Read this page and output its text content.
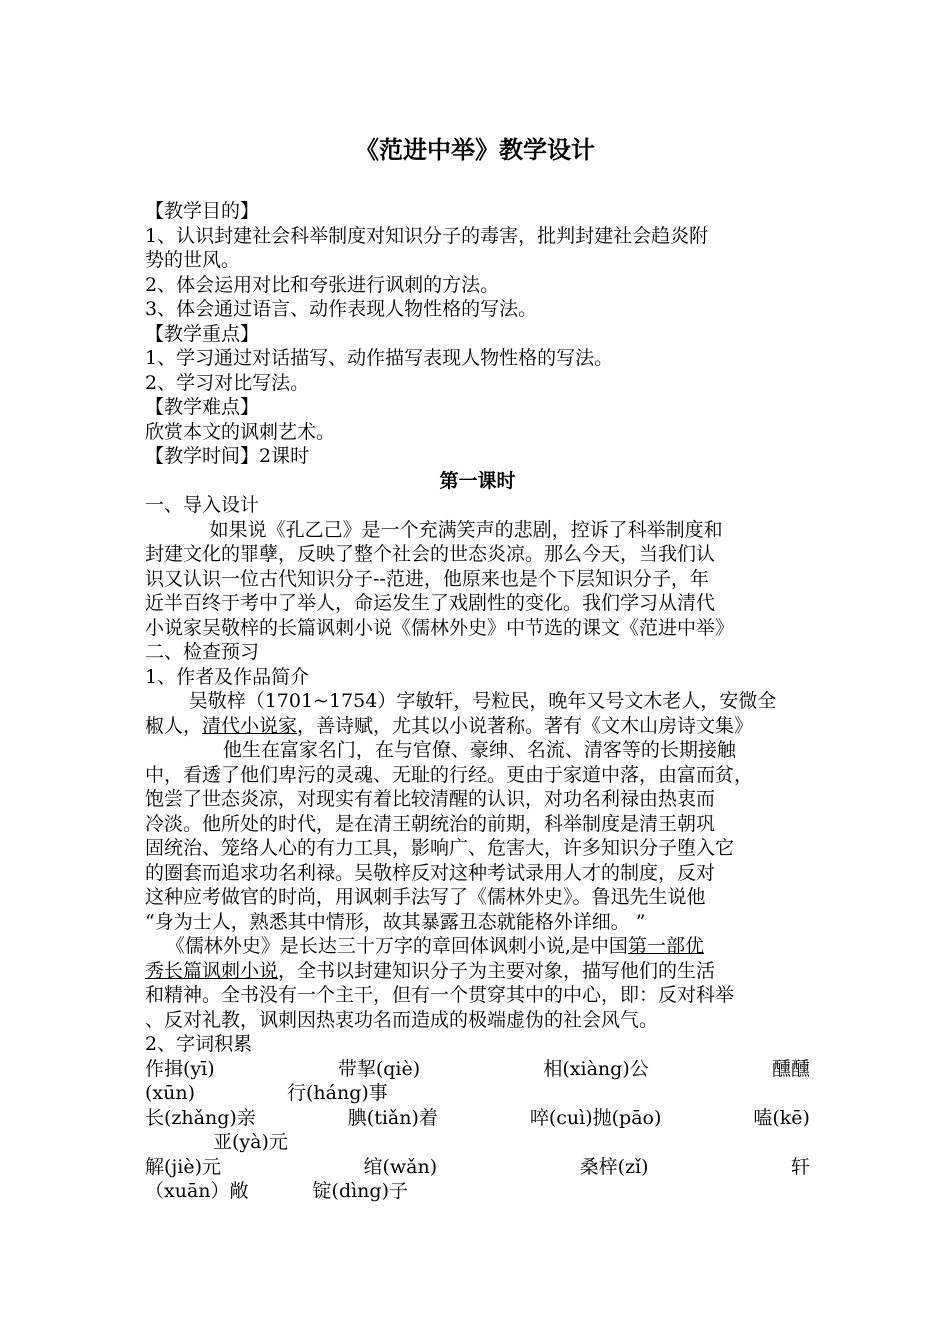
《范进中举》教学设计
【教学目的】
1、认识封建社会科举制度对知识分子的毒害，批判封建社会趋炎附
势的世风。
2、体会运用对比和夸张进行讽刺的方法。
3、体会通过语言、动作表现人物性格的写法。
【教学重点】
1、学习通过对话描写、动作描写表现人物性格的写法。
2、学习对比写法。
【教学难点】
欣赏本文的讽刺艺术。
【教学时间】2课时
第一课时
一、导入设计
如果说《孔乙己》是一个充满笑声的悲剧，控诉了科举制度和
封建文化的罪孽，反映了整个社会的世态炎凉。那么今天，当我们认
识又认识一位古代知识分子--范进，他原来也是个下层知识分子，年
近半百终于考中了举人，命运发生了戏剧性的变化。我们学习从清代
小说家吴敬梓的长篇讽刺小说《儒林外史》中节选的课文《范进中举》
二、检查预习
1、作者及作品简介
吴敬梓（1701~1754）字敏轩，号粒民，晚年又号文木老人，安微全
椒人，清代小说家，善诗赋，尤其以小说著称。著有《文木山房诗文集》
他生在富家名门，在与官僚、豪绅、名流、清客等的长期接触
中，看透了他们卑污的灵魂、无耻的行经。更由于家道中落，由富而贫，
饱尝了世态炎凉，对现实有着比较清醒的认识，对功名利禄由热衷而
冷淡。他所处的时代，是在清王朝统治的前期，科举制度是清王朝巩
固统治、笼络人心的有力工具，影响广、危害大，许多知识分子堕入它
的圈套而追求功名利禄。吴敬梓反对这种考试录用人才的制度，反对
这种应考做官的时尚，用讽刺手法写了《儒林外史》。鲁迅先生说他
“身为士人，熟悉其中情形，故其暴露丑态就能格外详细。 ”
《儒林外史》是长达三十万字的章回体讽刺小说,是中国第一部优
秀长篇讽刺小说，全书以封建知识分子为主要对象，描写他们的生活
和精神。全书没有一个主干，但有一个贯穿其中的中心，即：反对科举
、反对礼教，讽刺因热衷功名而造成的极端虚伪的社会风气。
2、字词积累
作揖(yī)	带挈(qiè)	相(xiàng)公	醺醺
(xūn)	行(háng)事
长(zhǎng)亲	腆(tiǎn)着	啐(cuì)抛(pāo)	嗑(kē)
亚(yà)元
解(jiè)元	绾(wǎn)	桑梓(zǐ)	轩
（xuān）敞	锭(dìng)子
